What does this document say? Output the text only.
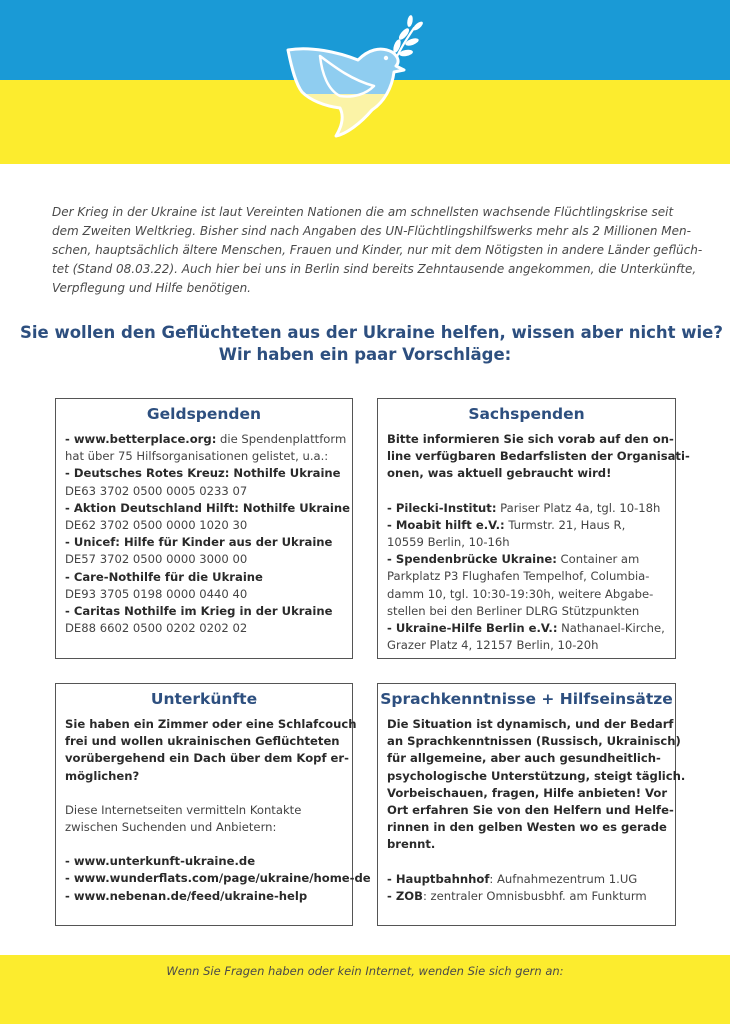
Der Krieg in der Ukraine ist laut Vereinten Nationen die am schnellsten wachsende Flüchtlingskrise seit
dem Zweiten Weltkrieg. Bisher sind nach Angaben des UN-Flüchtlingshilfswerks mehr als 2 Millionen Men-
schen, hauptsächlich ältere Menschen, Frauen und Kinder, nur mit dem Nötigsten in andere Länder geflüch-
tet (Stand 08.03.22). Auch hier bei uns in Berlin sind bereits Zehntausende angekommen, die Unterkünfte,
Verpflegung und Hilfe benötigen.
Sie wollen den Geflüchteten aus der Ukraine helfen, wissen aber nicht wie?
Wir haben ein paar Vorschläge:
Geldspenden
- www.betterplace.org: die Spendenplattform
hat über 75 Hilfsorganisationen gelistet, u.a.:
- Deutsches Rotes Kreuz: Nothilfe Ukraine
DE63 3702 0500 0005 0233 07
- Aktion Deutschland Hilft: Nothilfe Ukraine
DE62 3702 0500 0000 1020 30
- Unicef: Hilfe für Kinder aus der Ukraine
DE57 3702 0500 0000 3000 00
- Care-Nothilfe für die Ukraine
DE93 3705 0198 0000 0440 40
- Caritas Nothilfe im Krieg in der Ukraine
DE88 6602 0500 0202 0202 02
Sachspenden
Bitte informieren Sie sich vorab auf den on-
line verfügbaren Bedarfslisten der Organisati-
onen, was aktuell gebraucht wird!
- Pilecki-Institut: Pariser Platz 4a, tgl. 10-18h
- Moabit hilft e.V.: Turmstr. 21, Haus R,
10559 Berlin, 10-16h
- Spendenbrücke Ukraine: Container am
Parkplatz P3 Flughafen Tempelhof, Columbia-
damm 10, tgl. 10:30-19:30h, weitere Abgabe-
stellen bei den Berliner DLRG Stützpunkten
- Ukraine-Hilfe Berlin e.V.: Nathanael-Kirche,
Grazer Platz 4, 12157 Berlin, 10-20h
Unterkünfte
Sie haben ein Zimmer oder eine Schlafcouch
frei und wollen ukrainischen Geflüchteten
vorübergehend ein Dach über dem Kopf er-
möglichen?
Diese Internetseiten vermitteln Kontakte
zwischen Suchenden und Anbietern:
- www.unterkunft-ukraine.de
- www.wunderflats.com/page/ukraine/home-de
- www.nebenan.de/feed/ukraine-help
Sprachkenntnisse + Hilfseinsätze
Die Situation ist dynamisch, und der Bedarf
an Sprachkenntnissen (Russisch, Ukrainisch)
für allgemeine, aber auch gesundheitlich-
psychologische Unterstützung, steigt täglich.
Vorbeischauen, fragen, Hilfe anbieten! Vor
Ort erfahren Sie von den Helfern und Helfe-
rinnen in den gelben Westen wo es gerade
brennt.
- Hauptbahnhof: Aufnahmezentrum 1.UG
- ZOB: zentraler Omnisbusbhf. am Funkturm
Wenn Sie Fragen haben oder kein Internet, wenden Sie sich gern an:
